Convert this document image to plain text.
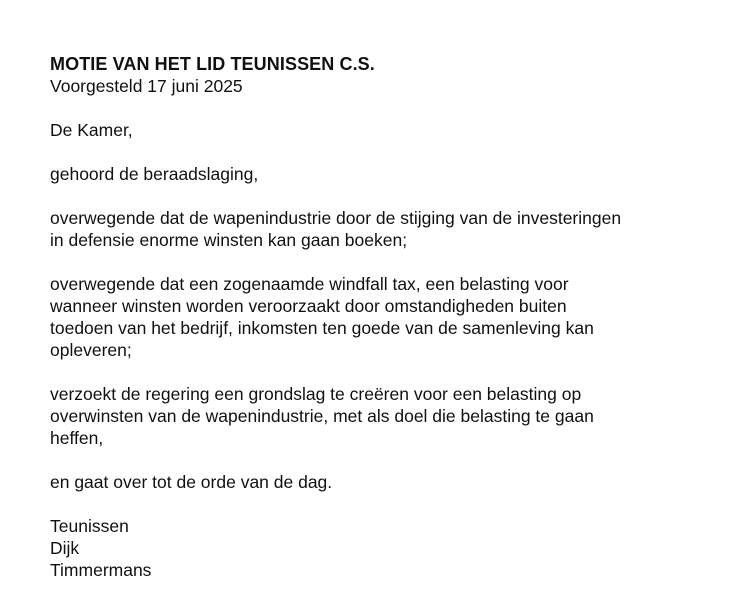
MOTIE VAN HET LID TEUNISSEN C.S.
Voorgesteld 17 juni 2025
De Kamer,
gehoord de beraadslaging,
overwegende dat de wapenindustrie door de stijging van de investeringen
in defensie enorme winsten kan gaan boeken;
overwegende dat een zogenaamde windfall tax, een belasting voor
wanneer winsten worden veroorzaakt door omstandigheden buiten
toedoen van het bedrijf, inkomsten ten goede van de samenleving kan
opleveren;
verzoekt de regering een grondslag te creëren voor een belasting op
overwinsten van de wapenindustrie, met als doel die belasting te gaan
heffen,
en gaat over tot de orde van de dag.
Teunissen
Dijk
Timmermans
